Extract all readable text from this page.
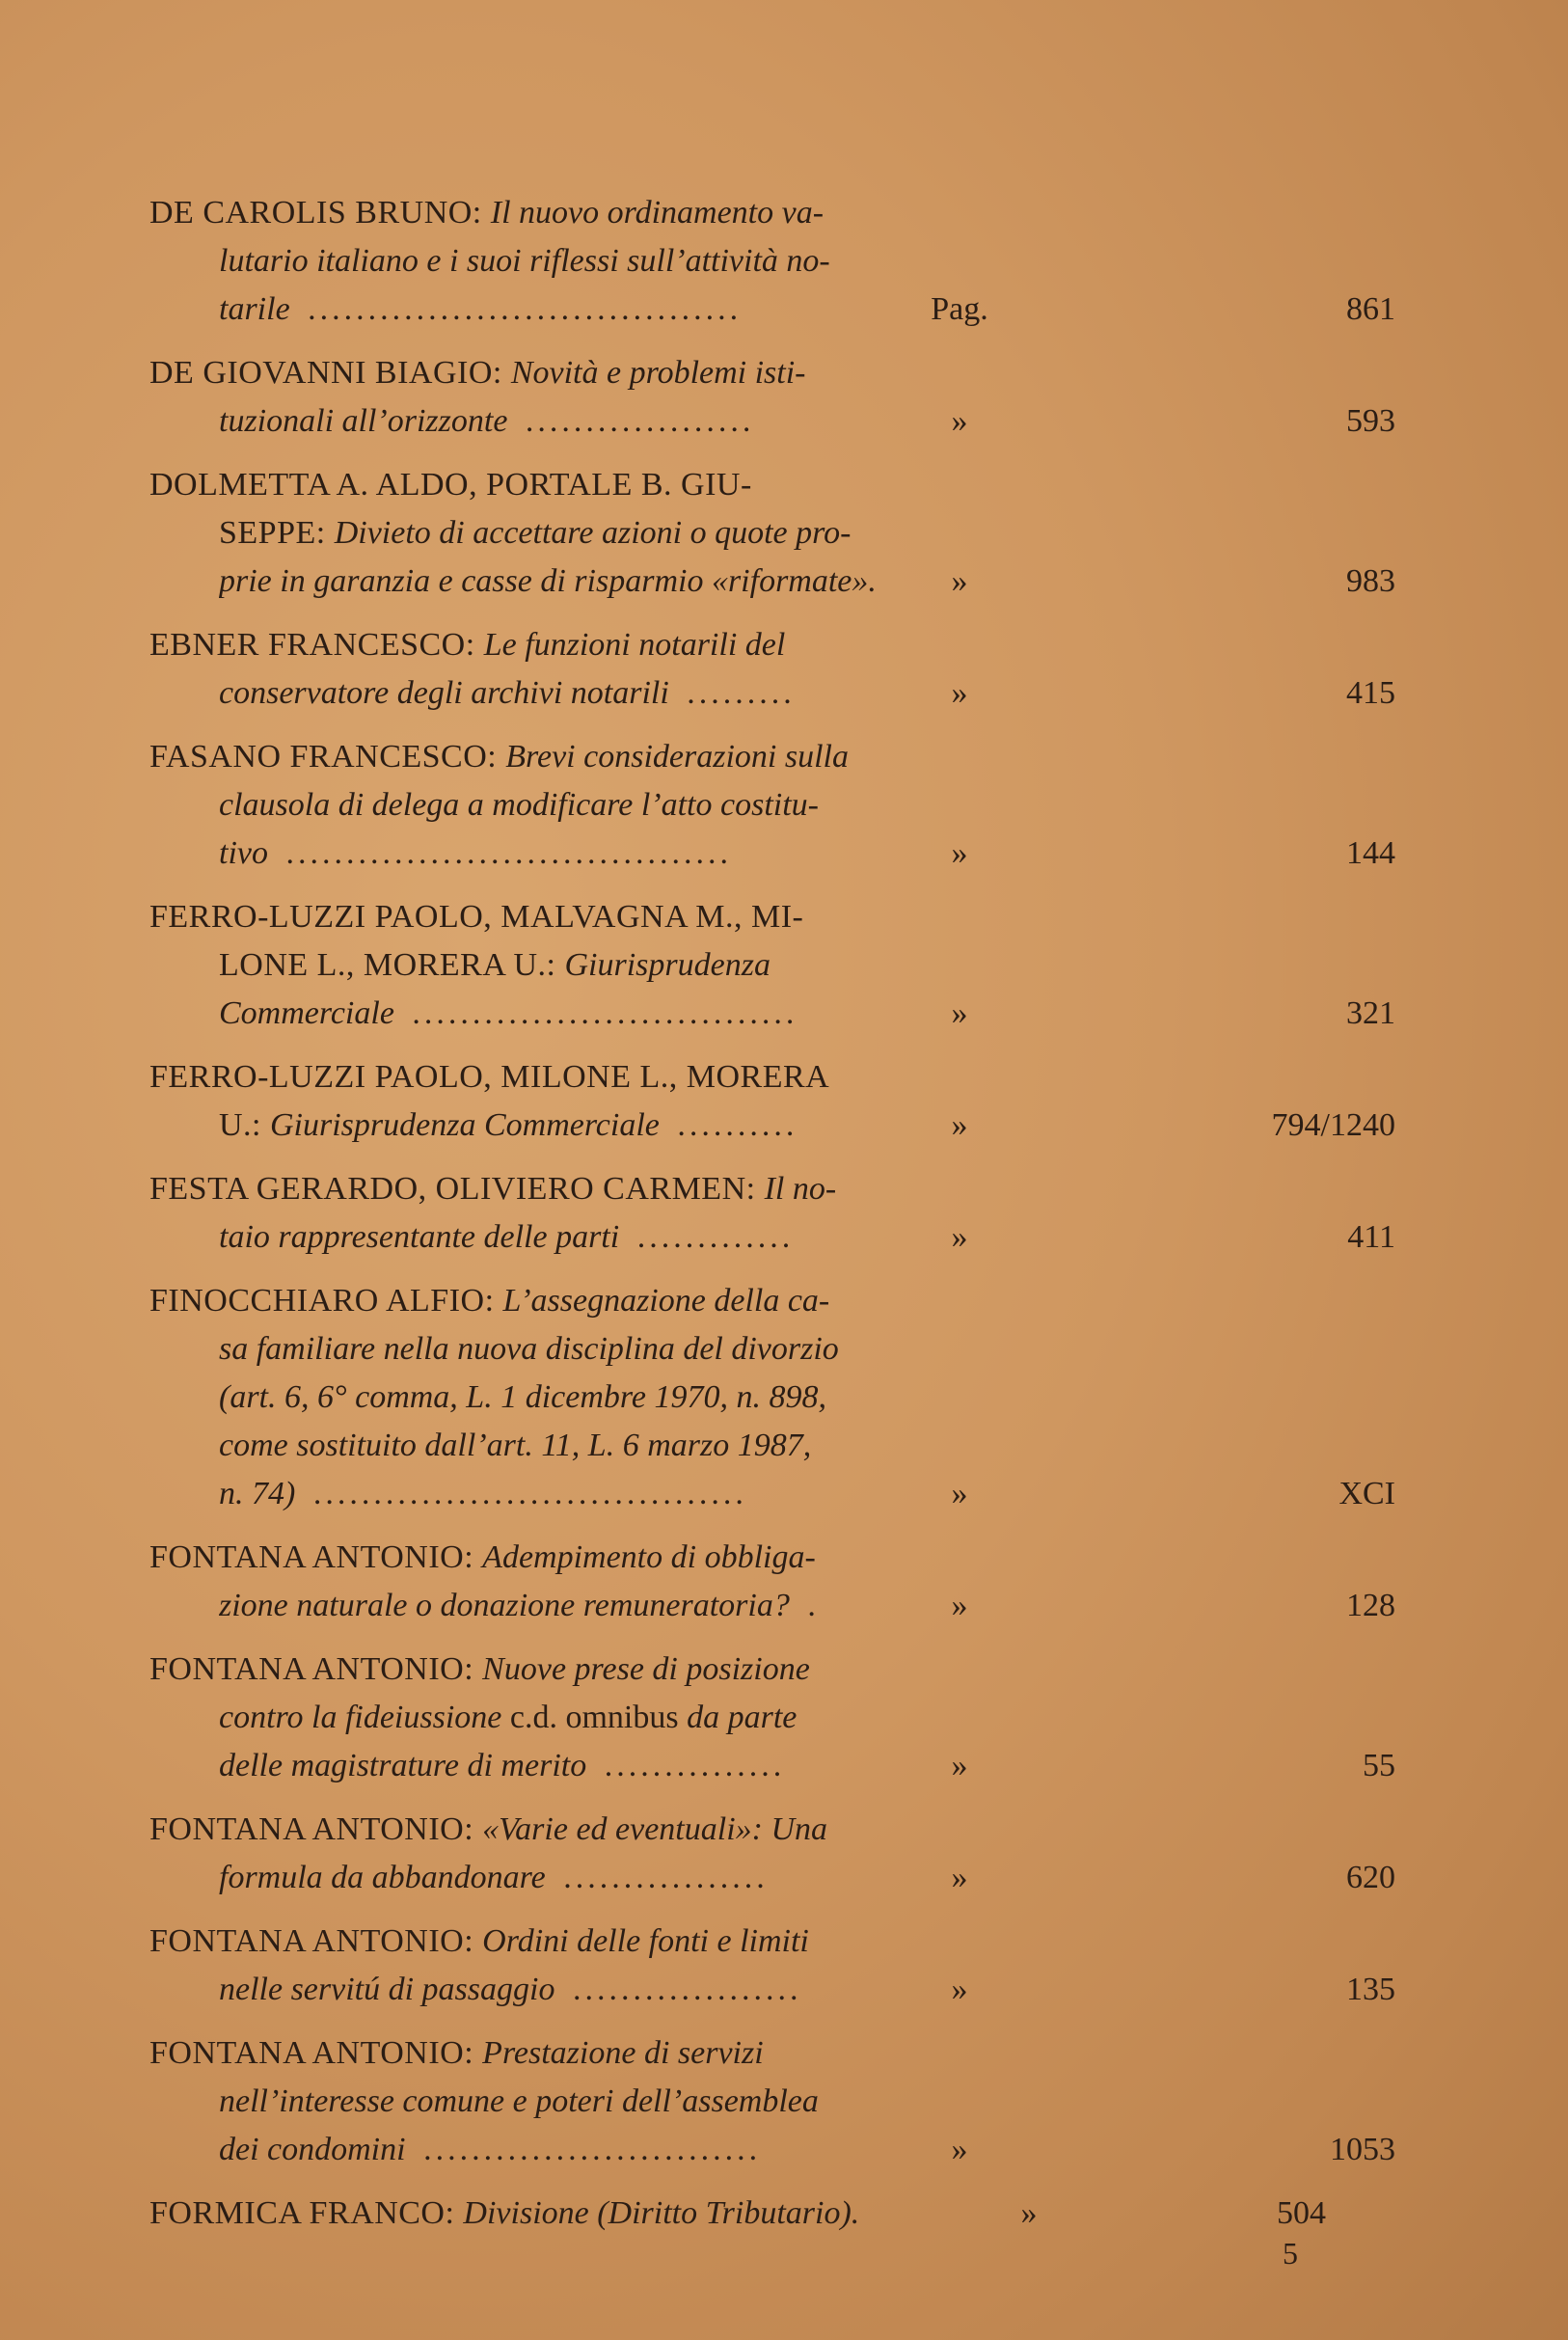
DE CAROLIS BRUNO: Il nuovo ordinamento va-
lutario italiano e i suoi riflessi sull’attività no-
tarile ....................................	Pag.	861
DE GIOVANNI BIAGIO: Novità e problemi isti-
tuzionali all’orizzonte ...................	»	593
DOLMETTA A. ALDO, PORTALE B. GIU-
SEPPE: Divieto di accettare azioni o quote pro-
prie in garanzia e casse di risparmio «riformate».	»	983
EBNER FRANCESCO: Le funzioni notarili del
conservatore degli archivi notarili .........	»	415
FASANO FRANCESCO: Brevi considerazioni sulla
clausola di delega a modificare l’atto costitu-
tivo .....................................	»	144
FERRO-LUZZI PAOLO, MALVAGNA M., MI-
LONE L., MORERA U.: Giurisprudenza
Commerciale ................................	»	321
FERRO-LUZZI PAOLO, MILONE L., MORERA
U.: Giurisprudenza Commerciale ..........	»	794/1240
FESTA GERARDO, OLIVIERO CARMEN: Il no-
taio rappresentante delle parti .............	»	411
FINOCCHIARO ALFIO: L’assegnazione della ca-
sa familiare nella nuova disciplina del divorzio
(art. 6, 6° comma, L. 1 dicembre 1970, n. 898,
come sostituito dall’art. 11, L. 6 marzo 1987,
n. 74) ....................................	»	XCI
FONTANA ANTONIO: Adempimento di obbliga-
zione naturale o donazione remuneratoria? .	»	128
FONTANA ANTONIO: Nuove prese di posizione
contro la fideiussione c.d. omnibus da parte
delle magistrature di merito ...............	»	55
FONTANA ANTONIO: «Varie ed eventuali»: Una
formula da abbandonare .................	»	620
FONTANA ANTONIO: Ordini delle fonti e limiti
nelle servitú di passaggio ...................	»	135
FONTANA ANTONIO: Prestazione di servizi
nell’interesse comune e poteri dell’assemblea
dei condomini ............................	»	1053
FORMICA FRANCO: Divisione (Diritto Tributario).	»	504
5
